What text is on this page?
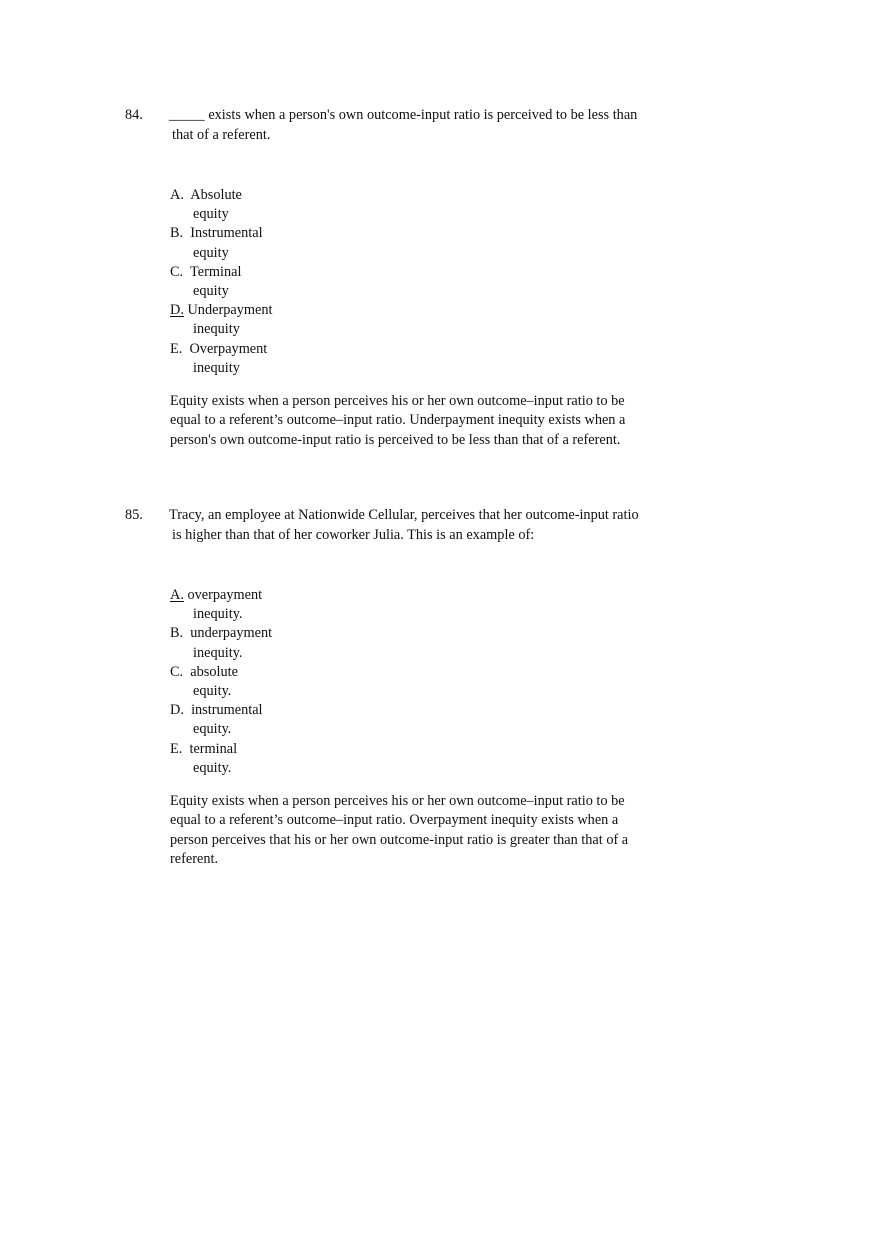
84. _____ exists when a person's own outcome-input ratio is perceived to be less than that of a referent.
A. Absolute
equity
B. Instrumental
equity
C. Terminal
equity
D. Underpayment
inequity
E. Overpayment
inequity
Equity exists when a person perceives his or her own outcome–input ratio to be equal to a referent’s outcome–input ratio. Underpayment inequity exists when a person's own outcome-input ratio is perceived to be less than that of a referent.
85. Tracy, an employee at Nationwide Cellular, perceives that her outcome-input ratio is higher than that of her coworker Julia. This is an example of:
A. overpayment
inequity.
B. underpayment
inequity.
C. absolute
equity.
D. instrumental
equity.
E. terminal
equity.
Equity exists when a person perceives his or her own outcome–input ratio to be equal to a referent’s outcome–input ratio. Overpayment inequity exists when a person perceives that his or her own outcome-input ratio is greater than that of a referent.
